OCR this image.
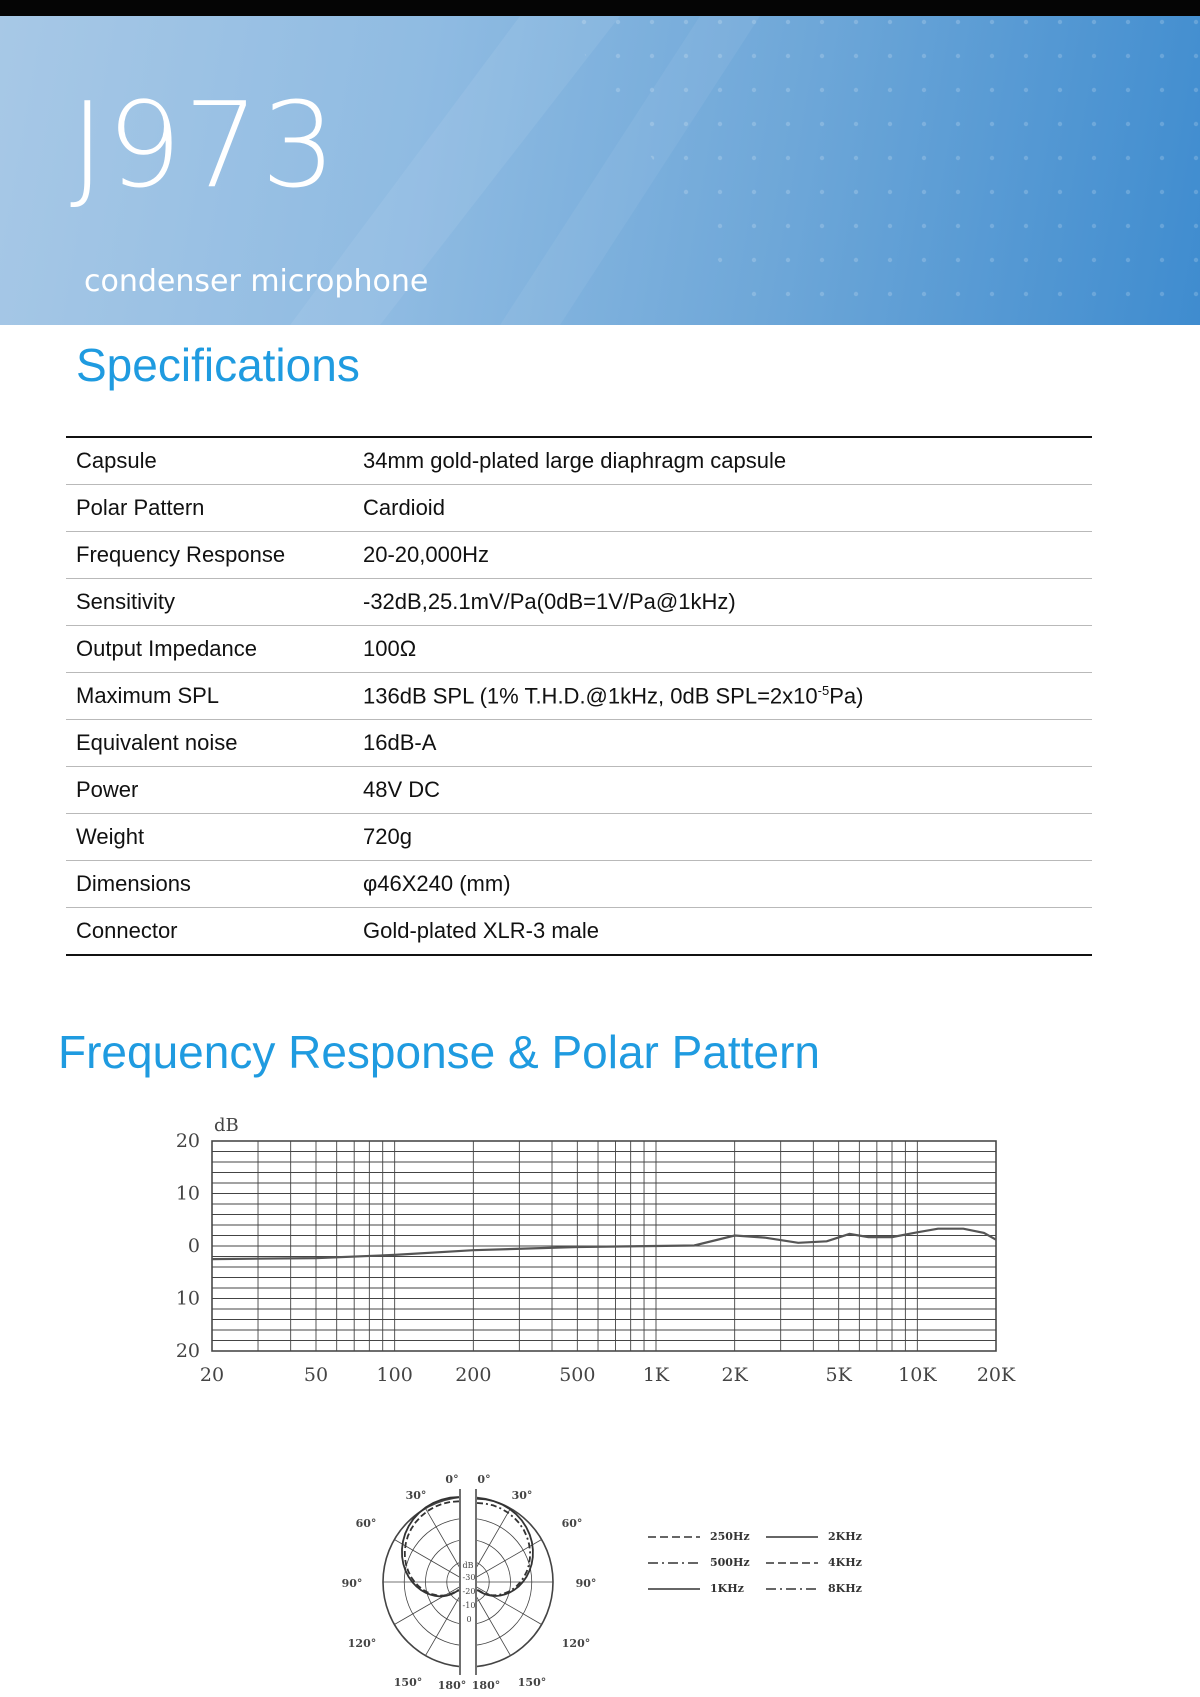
J973
condenser microphone
Specifications
Capsule	34mm gold-plated large diaphragm capsule
Polar Pattern	Cardioid
Frequency Response	20-20,000Hz
Sensitivity	-32dB,25.1mV/Pa(0dB=1V/Pa@1kHz)
Output Impedance	100Ω
Maximum SPL	136dB SPL (1% T.H.D.@1kHz, 0dB $SPL=2x10^{-5}Pa$)
Equivalent noise	16dB-A
Power	48V DC
Weight	720g
Dimensions	φ46X240 (mm)
Connector	Gold-plated XLR-3 male
Frequency Response & Polar Pattern
20	50	100 200	500 1K	2K	5K 10K 20K
20
10
0
10
20
dB
0° 0°
30°	30°
60°	60°
90°	90°
120°	120°
150°	150°
180° 180°
dB
-30
-20
-10
0
250Hz
500Hz
1KHz
2KHz
4KHz
8KHz
